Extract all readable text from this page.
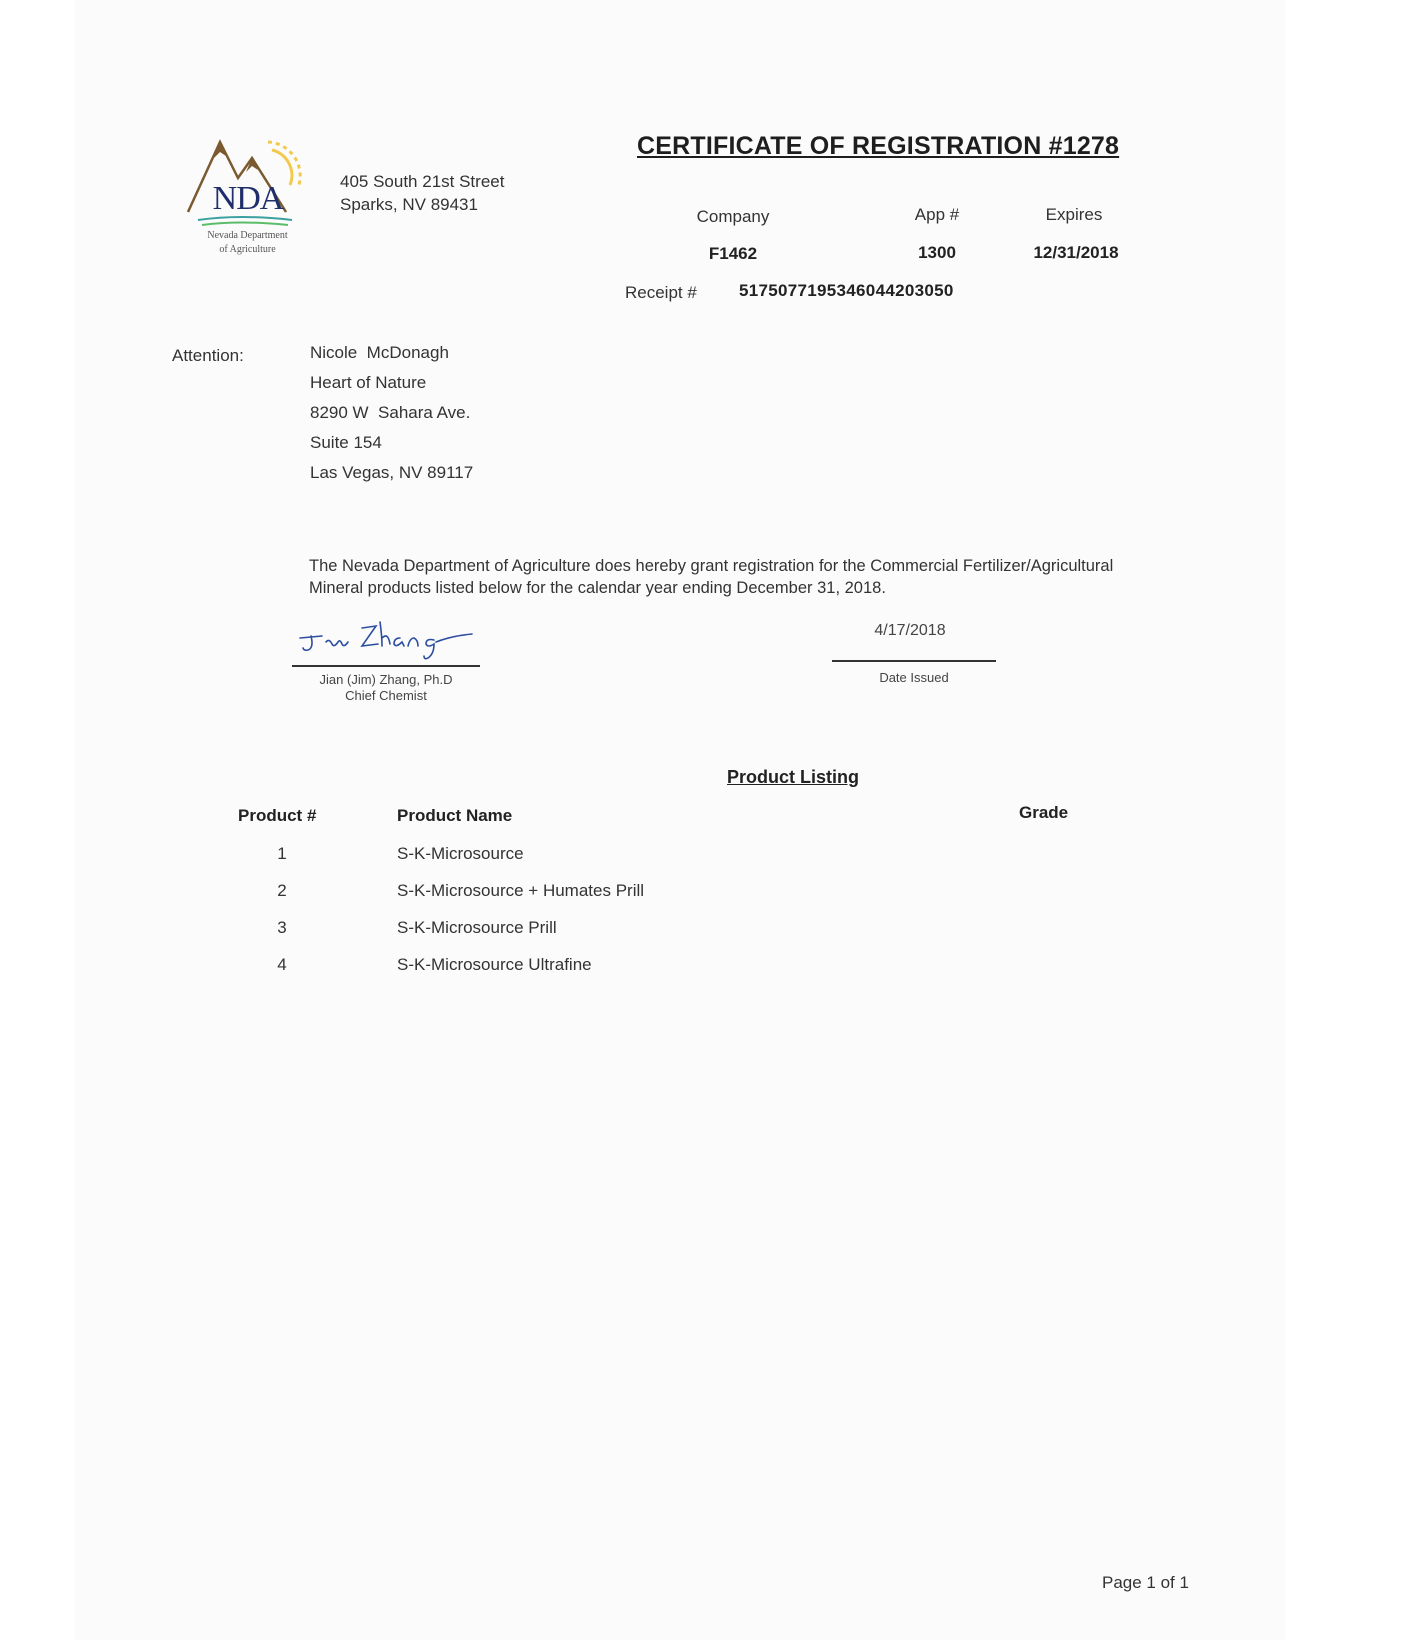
NDA
Nevada Department
of Agriculture
405 South 21st Street
Sparks, NV 89431
CERTIFICATE OF REGISTRATION #1278
Company	App #	Expires
F1462	1300	12/31/2018
Receipt # 5175077195346044203050
Attention:	Nicole  McDonagh
Heart of Nature
8290 W  Sahara Ave.
Suite 154
Las Vegas, NV 89117
The Nevada Department of Agriculture does hereby grant registration for the Commercial Fertilizer/Agricultural Mineral products listed below for the calendar year ending December 31, 2018.
Jian (Jim) Zhang, Ph.D
Chief Chemist
4/17/2018
Date Issued
Product Listing
Product #	Product Name	Grade
1	S-K-Microsource
2	S-K-Microsource + Humates Prill
3	S-K-Microsource Prill
4	S-K-Microsource Ultrafine
Page 1 of 1
